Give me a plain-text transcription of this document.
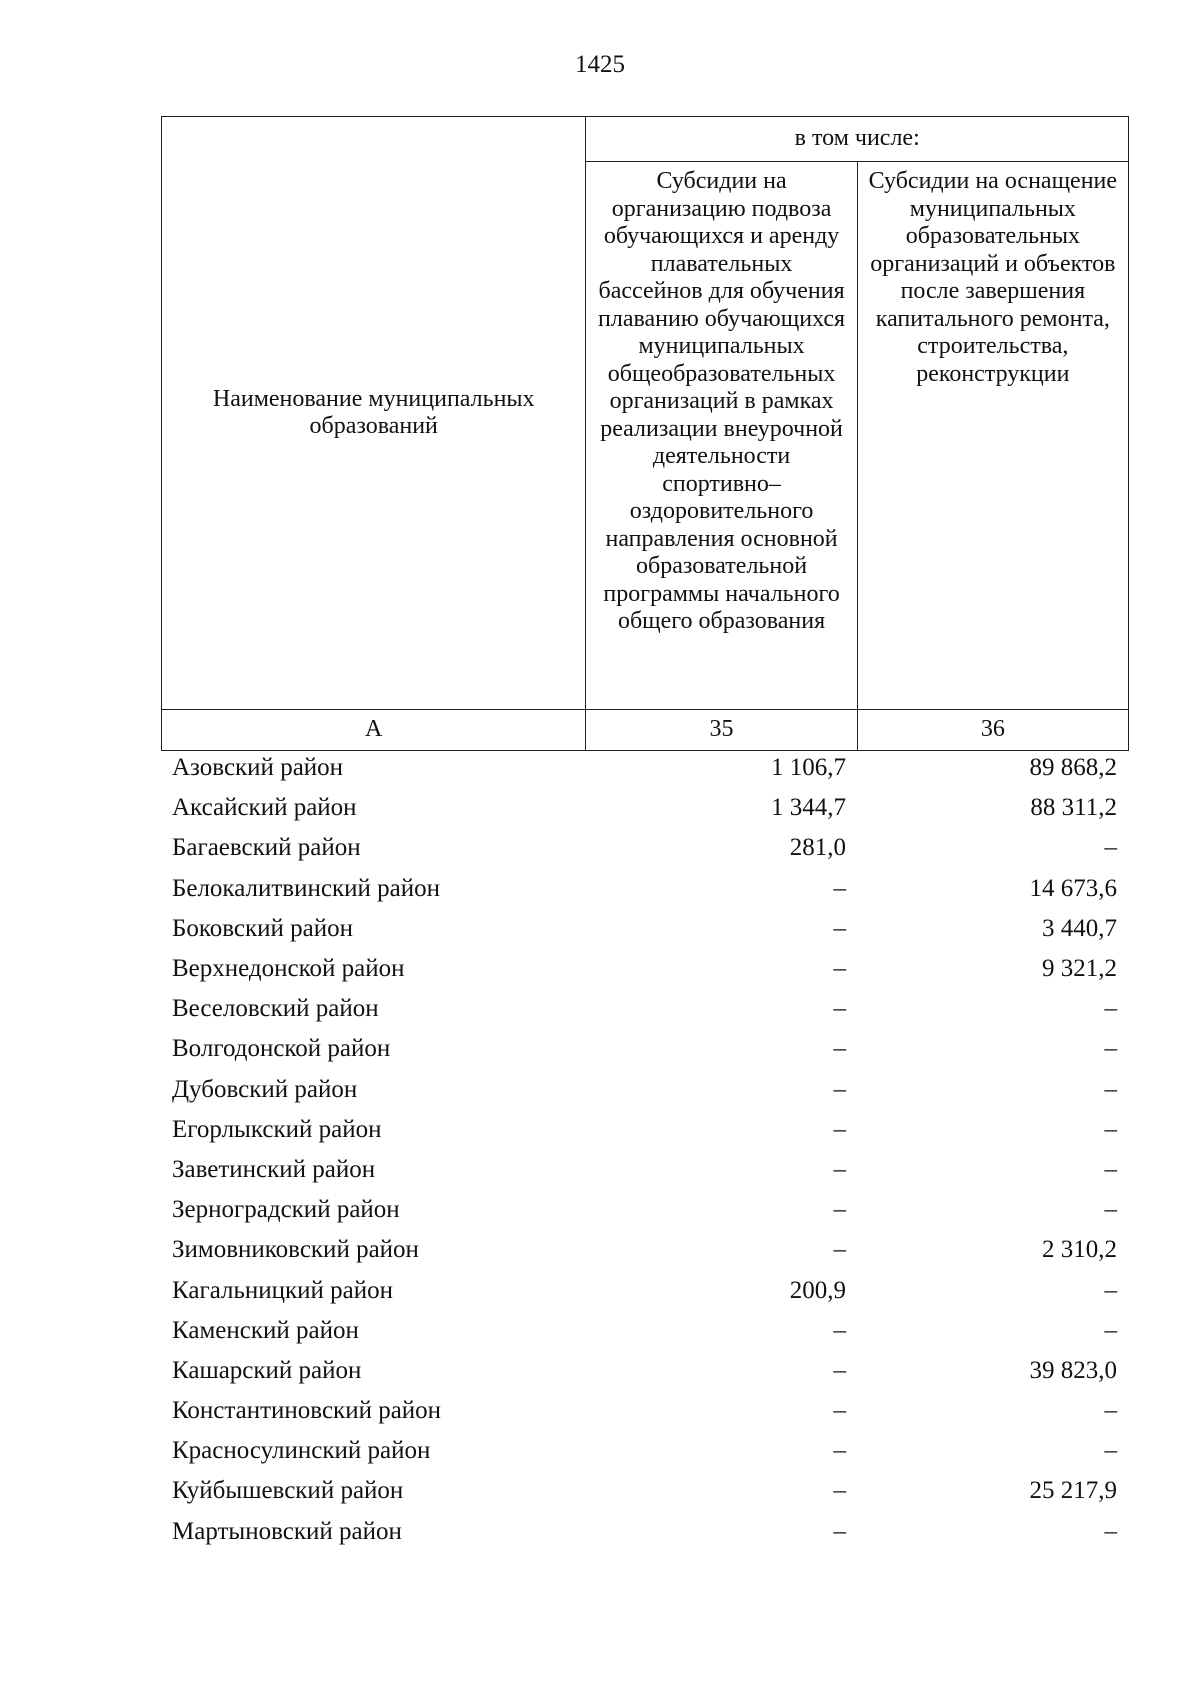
1425
Наименование муниципальных образований	в том числе:	
	Субсидии на организацию подвоза обучающихся и аренду плавательных бассейнов для обучения плаванию обучающихся муниципальных общеобразовательных организаций в рамках реализации внеурочной деятельности спортивно–оздоровительного направления основной образовательной программы начального общего образования	Субсидии на оснащение муниципальных образовательных организаций и объектов после завершения капитального ремонта, строительства, реконструкции
А	35	36
Азовский район	1 106,7	89 868,2
Аксайский район	1 344,7	88 311,2
Багаевский район	281,0	–
Белокалитвинский район	–	14 673,6
Боковский район	–	3 440,7
Верхнедонской район	–	9 321,2
Веселовский район	–	–
Волгодонской район	–	–
Дубовский район	–	–
Егорлыкский район	–	–
Заветинский район	–	–
Зерноградский район	–	–
Зимовниковский район	–	2 310,2
Кагальницкий район	200,9	–
Каменский район	–	–
Кашарский район	–	39 823,0
Константиновский район	–	–
Красносулинский район	–	–
Куйбышевский район	–	25 217,9
Мартыновский район	–	–
